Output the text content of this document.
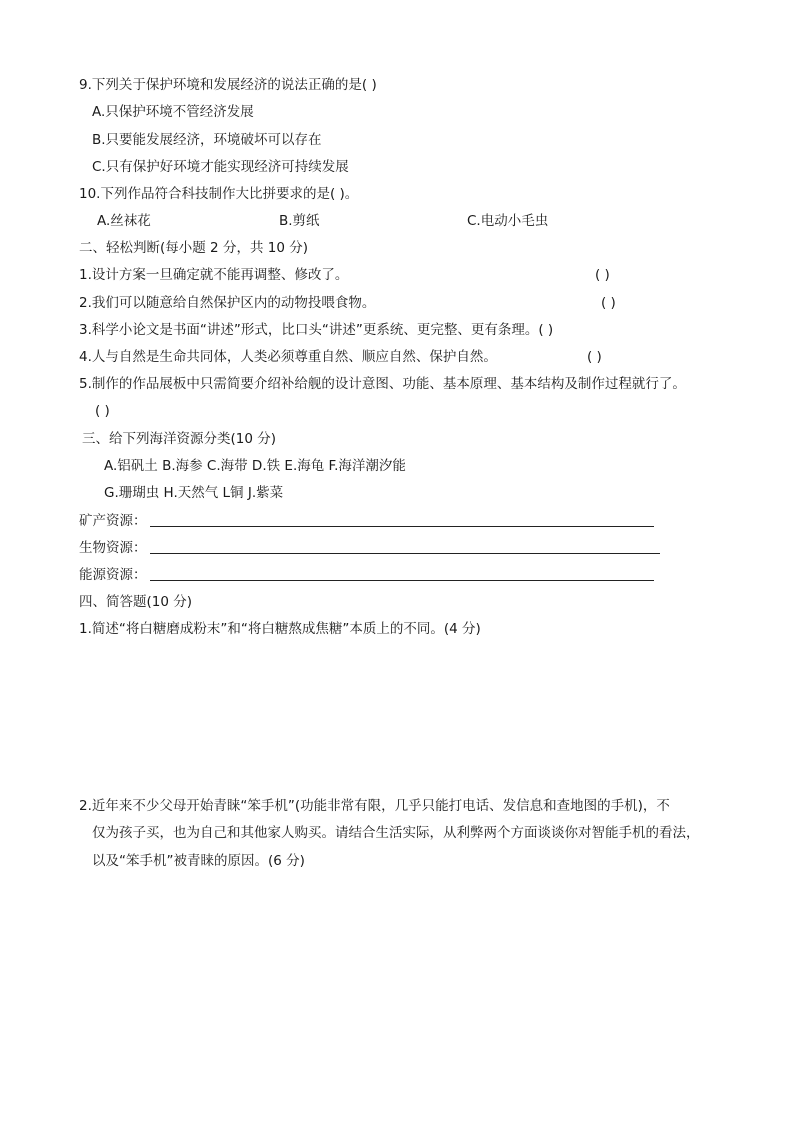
9.下列关于保护环境和发展经济的说法正确的是( )
A.只保护环境不管经济发展
B.只要能发展经济，环境破坏可以存在
C.只有保护好环境才能实现经济可持续发展
10.下列作品符合科技制作大比拼要求的是( )。
A.丝袜花	B.剪纸	C.电动小毛虫
二、轻松判断(每小题 2 分，共 10 分)
1.设计方案一旦确定就不能再调整、修改了。	( )
2.我们可以随意给自然保护区内的动物投喂食物。	( )
3.科学小论文是书面“讲述”形式，比口头“讲述”更系统、更完整、更有条理。( )
4.人与自然是生命共同体，人类必须尊重自然、顺应自然、保护自然。	( )
5.制作的作品展板中只需简要介绍补给舰的设计意图、功能、基本原理、基本结构及制作过程就行了。
( )
三、给下列海洋资源分类(10 分)
A.铝矾土 B.海参 C.海带 D.铁 E.海龟 F.海洋潮汐能
G.珊瑚虫 H.天然气 L铜 J.紫菜
矿产资源：
生物资源：
能源资源：
四、简答题(10 分)
1.简述“将白糖磨成粉末”和“将白糖熬成焦糖”本质上的不同。(4 分)
2.近年来不少父母开始青睐“笨手机”(功能非常有限，几乎只能打电话、发信息和查地图的手机)，不
仅为孩子买，也为自己和其他家人购买。请结合生活实际，从利弊两个方面谈谈你对智能手机的看法，
以及“笨手机”被青睐的原因。(6 分)
